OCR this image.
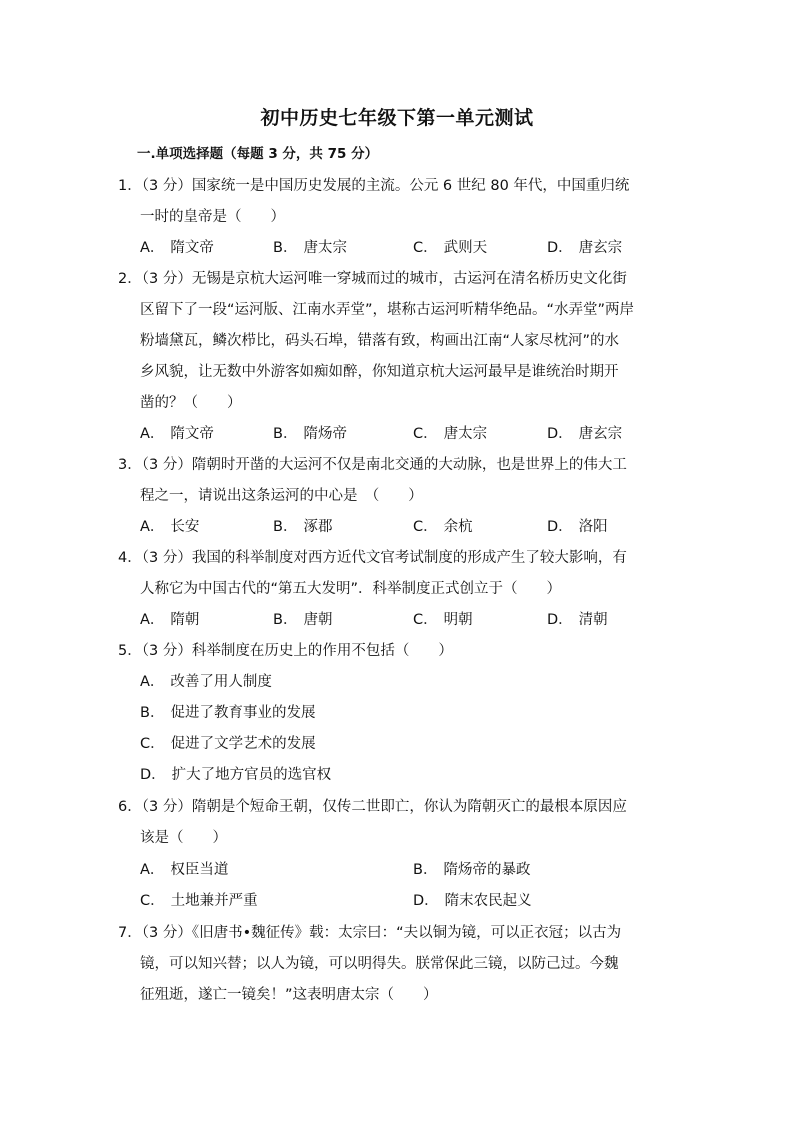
初中历史七年级下第一单元测试
一.单项选择题（每题 3 分，共 75 分）
1．（3 分）国家统一是中国历史发展的主流。公元 6 世纪 80 年代，中国重归统
一时的皇帝是（　　）
A． 隋文帝	B． 唐太宗	C． 武则天	D． 唐玄宗
2．（3 分）无锡是京杭大运河唯一穿城而过的城市，古运河在清名桥历史文化街
区留下了一段“运河版、江南水弄堂”，堪称古运河听精华绝品。“水弄堂”两岸
粉墙黛瓦，鳞次栉比，码头石埠，错落有致，构画出江南“人家尽枕河”的水
乡风貌，让无数中外游客如痴如醉，你知道京杭大运河最早是谁统治时期开
凿的？（　　）
A． 隋文帝	B． 隋炀帝	C． 唐太宗	D． 唐玄宗
3．（3 分）隋朝时开凿的大运河不仅是南北交通的大动脉，也是世界上的伟大工
程之一，请说出这条运河的中心是　（　　）
A． 长安	B． 涿郡	C． 余杭	D． 洛阳
4．（3 分）我国的科举制度对西方近代文官考试制度的形成产生了较大影响，有
人称它为中国古代的“第五大发明”．科举制度正式创立于（　　）
A． 隋朝	B． 唐朝	C． 明朝	D． 清朝
5．（3 分）科举制度在历史上的作用不包括（　　）
A． 改善了用人制度
B． 促进了教育事业的发展
C． 促进了文学艺术的发展
D． 扩大了地方官员的选官权
6．（3 分）隋朝是个短命王朝，仅传二世即亡，你认为隋朝灭亡的最根本原因应
该是（　　）
A． 权臣当道	B． 隋炀帝的暴政
C． 土地兼并严重	D． 隋末农民起义
7．（3 分）《旧唐书•魏征传》载：太宗曰：“夫以铜为镜，可以正衣冠；以古为
镜，可以知兴替；以人为镜，可以明得失。朕常保此三镜，以防己过。今魏
征殂逝，遂亡一镜矣！”这表明唐太宗（　　）
